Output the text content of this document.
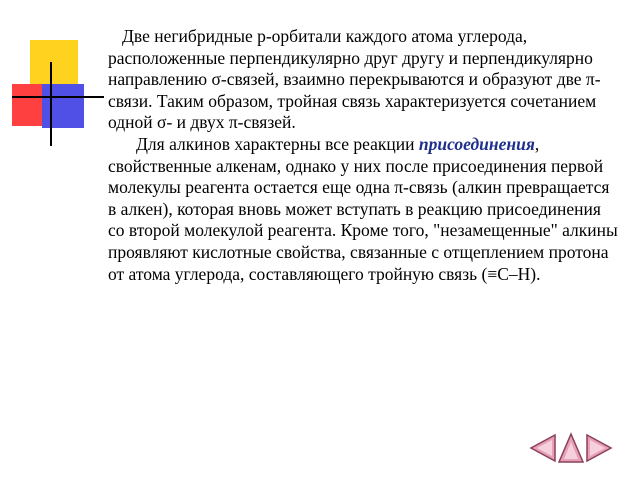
Две негибридные р-орбитали каждого атома углерода, расположенные перпендикулярно друг другу и перпендикулярно направлению σ-связей, взаимно перекрываются и образуют две π- связи. Таким образом, тройная связь характеризуется сочетанием одной σ- и двух π-связей.

Для алкинов характерны все реакции присоединения, свойственные алкенам, однако у них после присоединения первой молекулы реагента остается еще одна π-связь (алкин превращается в алкен), которая вновь может вступать в реакцию присоединения со второй молекулой реагента. Кроме того, "незамещенные" алкины проявляют кислотные свойства, связанные с отщеплением протона от атома углерода, составляющего тройную связь (≡С–Н).
